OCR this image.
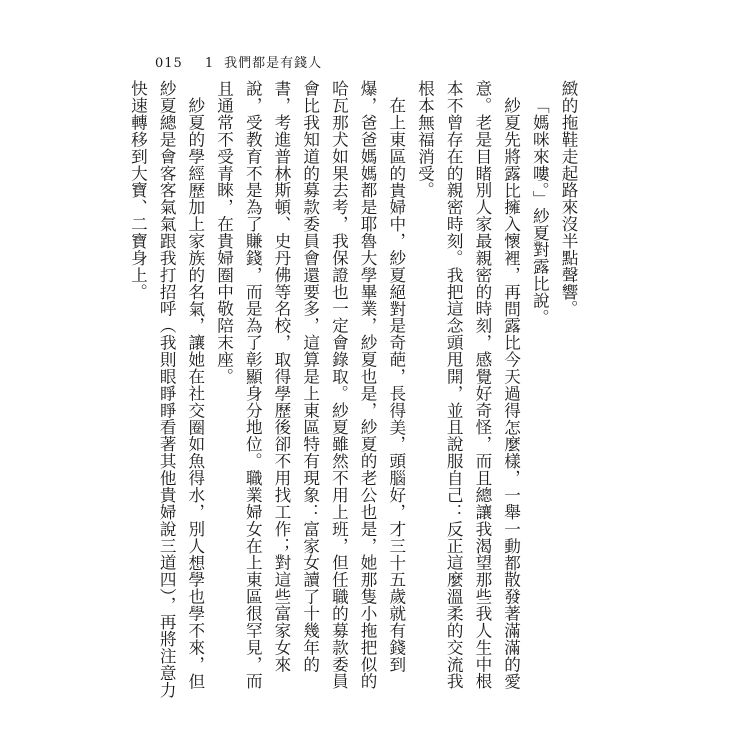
015 1 我們都是有錢人

緻的拖鞋走起路來沒半點聲響。

「媽咪來嘍。」紗夏對露比說。

紗夏先將露比擁入懷裡，再問露比今天過得怎麼樣，一舉一動都散發著滿滿的愛意。老是目睹別人家最親密的時刻，感覺好奇怪，而且總讓我渴望那些我人生中根本不曾存在的親密時刻。我把這念頭甩開，並且說服自己：反正這麼溫柔的交流我根本無福消受。

在上東區的貴婦中，紗夏絕對是奇葩，長得美，頭腦好，才三十五歲就有錢到爆，爸爸媽媽都是耶魯大學畢業，紗夏也是，紗夏的老公也是，她那隻小拖把似的哈瓦那犬如果去考，我保證也一定會錄取。紗夏雖然不用上班，但任職的募款委員會比我知道的募款委員會還要多，這算是上東區特有現象：富家女讀了十幾年的書，考進普林斯頓、史丹佛等名校，取得學歷後卻不用找工作；對這些富家女來說，受教育不是為了賺錢，而是為了彰顯身分地位。職業婦女在上東區很罕見，而且通常不受青睞，在貴婦圈中敬陪末座。

紗夏的學經歷加上家族的名氣，讓她在社交圈如魚得水，別人想學也學不來，但紗夏總是會客客氣氣跟我打招呼（我則眼睜睜看著其他貴婦說三道四），再將注意力快速轉移到大寶、二寶身上。
